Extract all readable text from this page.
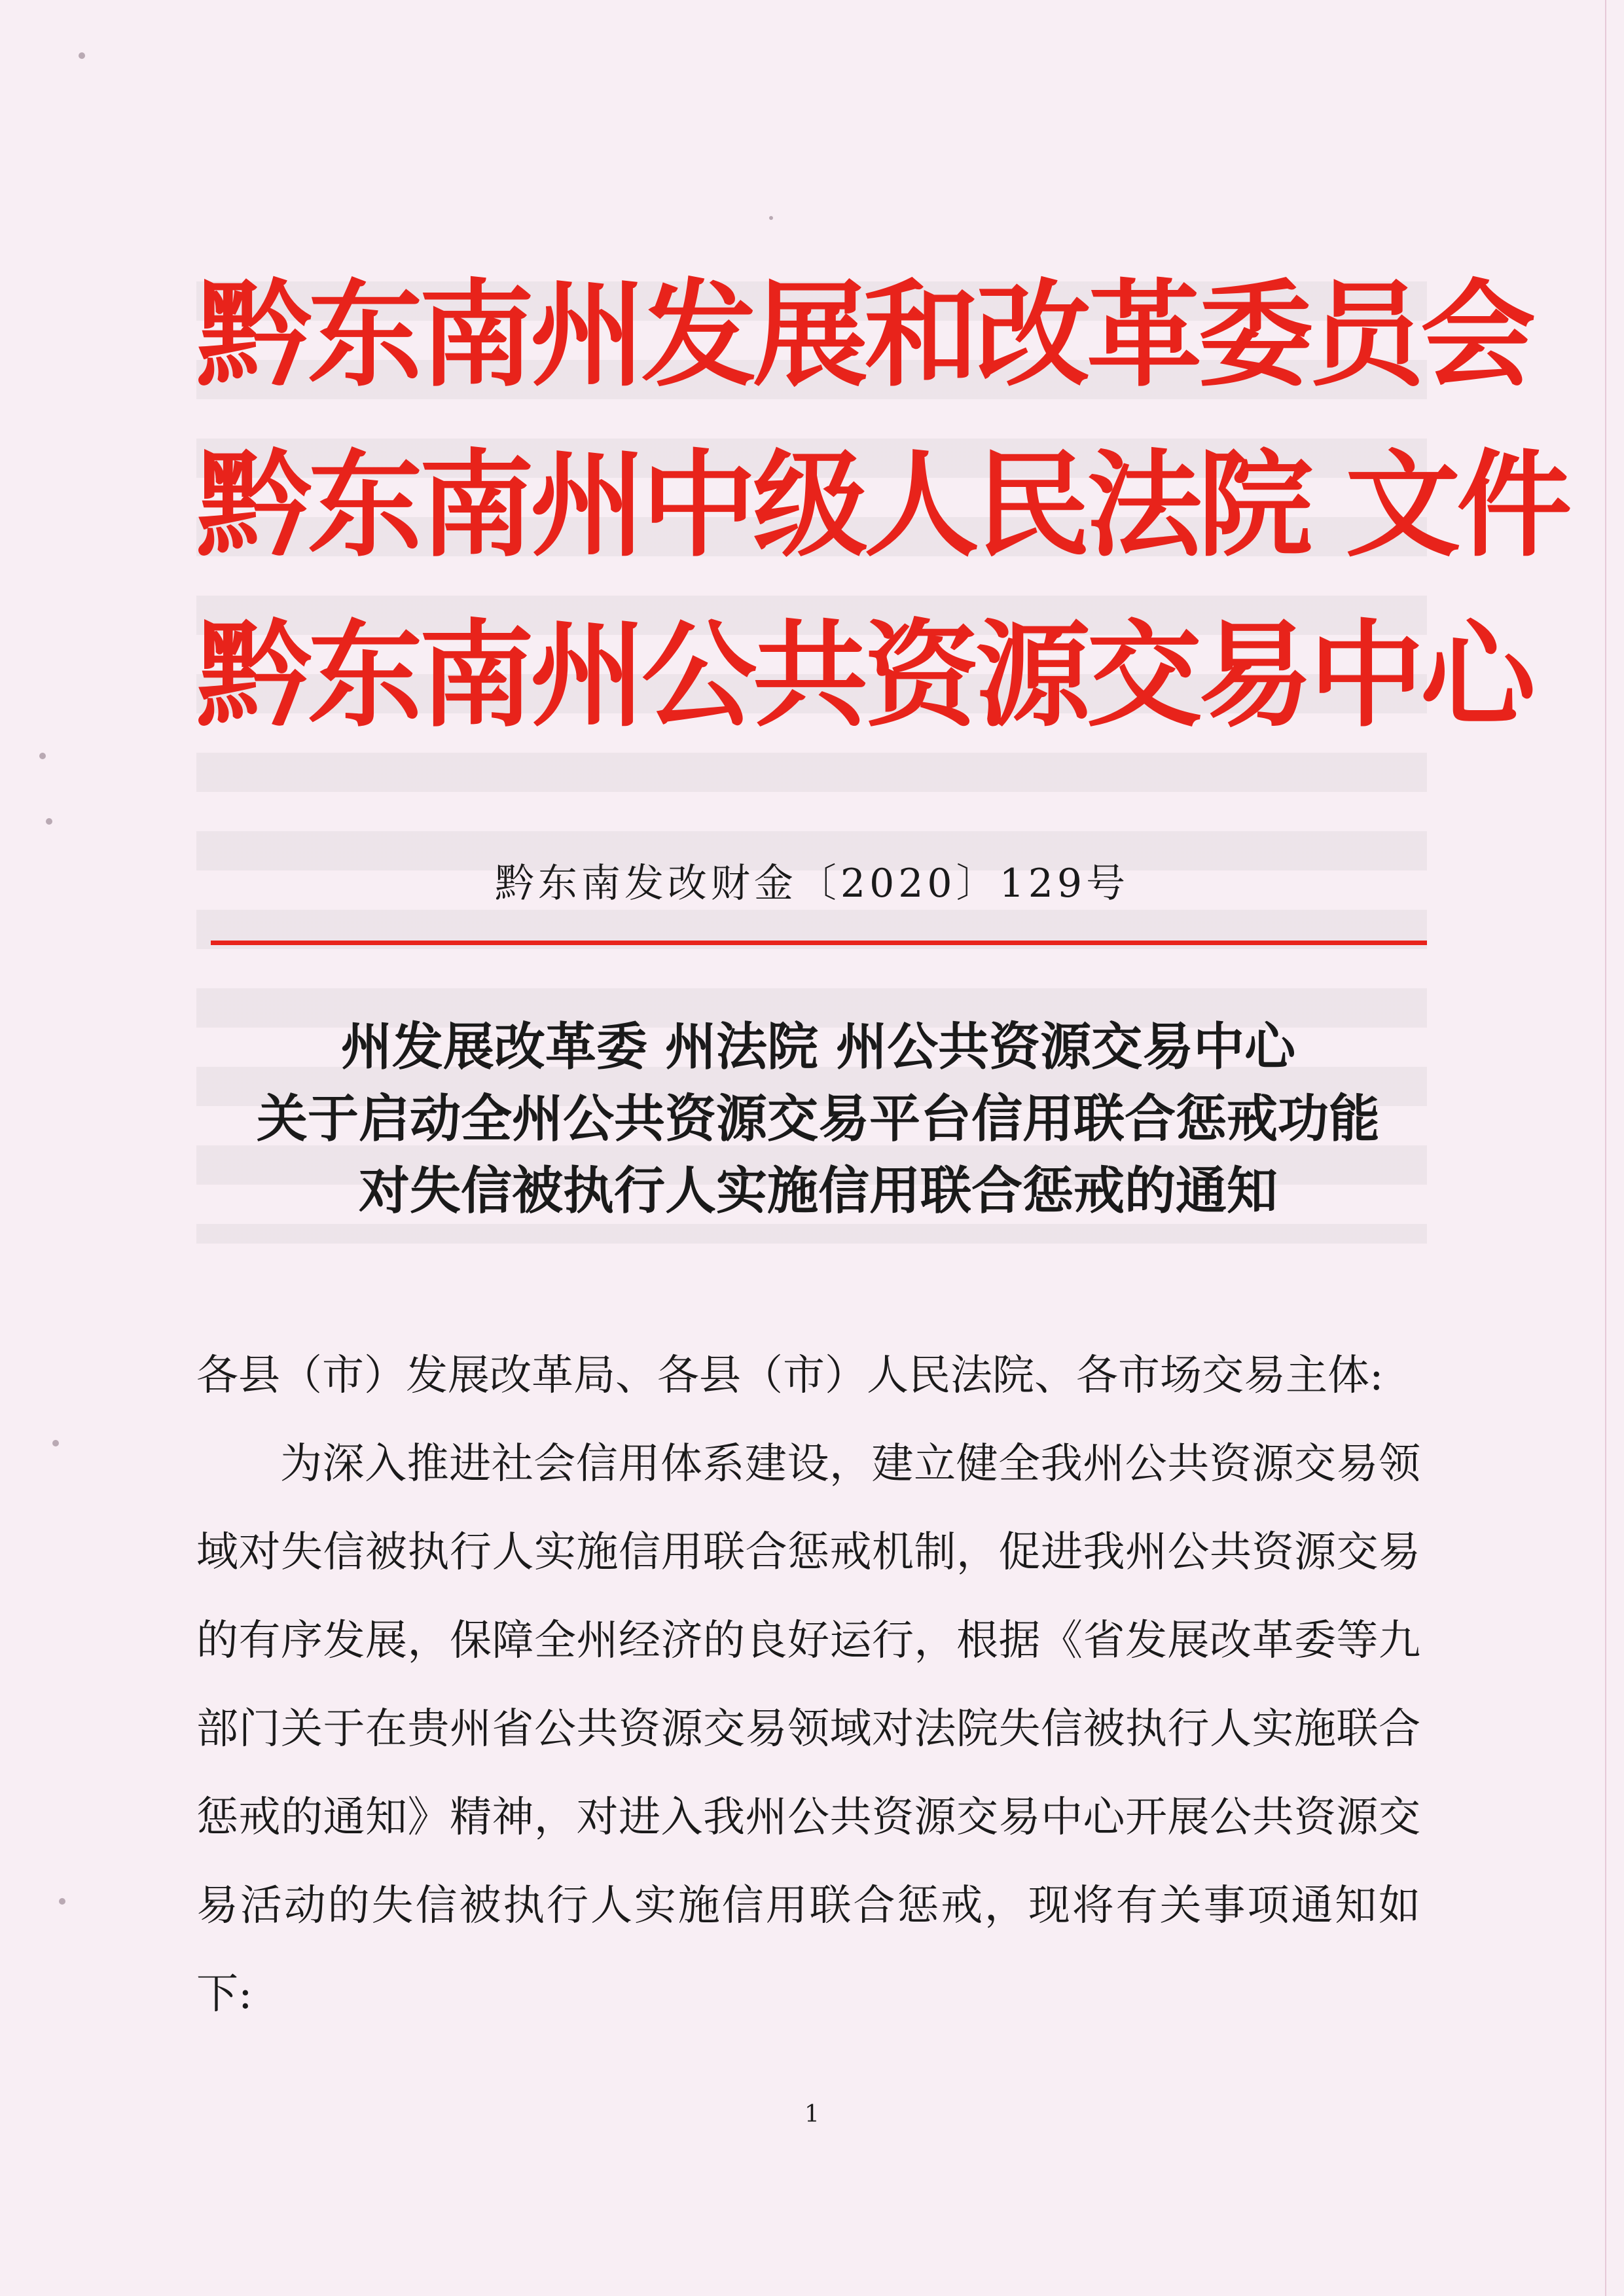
黔东南州发展和改革委员会
黔东南州中级人民法院 文件
黔东南州公共资源交易中心
黔东南发改财金〔2020〕129号
州发展改革委 州法院 州公共资源交易中心
关于启动全州公共资源交易平台信用联合惩戒功能
对失信被执行人实施信用联合惩戒的通知
各县（市）发展改革局、各县（市）人民法院、各市场交易主体:
为深入推进社会信用体系建设，建立健全我州公共资源交易领域对失信被执行人实施信用联合惩戒机制，促进我州公共资源交易的有序发展，保障全州经济的良好运行，根据《省发展改革委等九部门关于在贵州省公共资源交易领域对法院失信被执行人实施联合惩戒的通知》精神，对进入我州公共资源交易中心开展公共资源交易活动的失信被执行人实施信用联合惩戒，现将有关事项通知如下:
1
